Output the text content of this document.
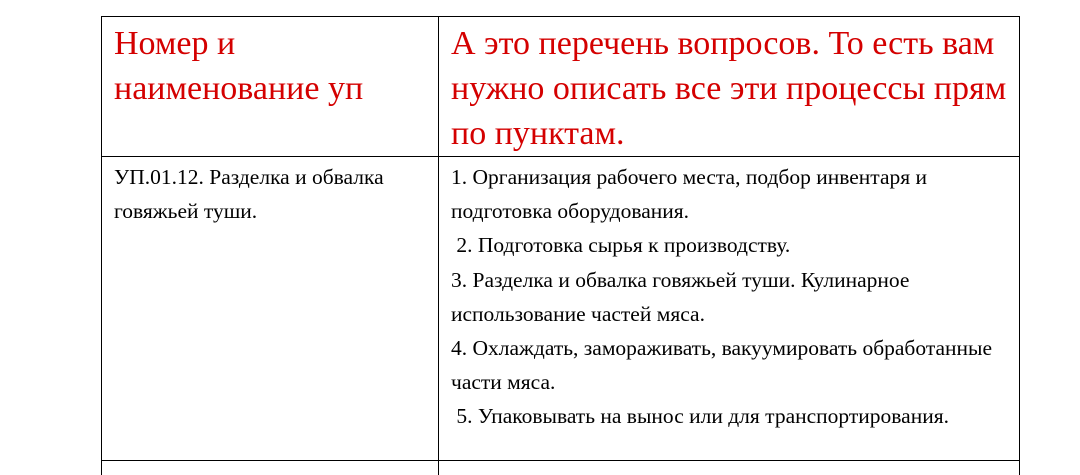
Номер и наименование уп	А это перечень вопросов. То есть вам нужно описать все эти процессы прям по пунктам.

УП.01.12. Разделка и обвалка говяжьей туши.	1. Организация рабочего места, подбор инвентаря и подготовка оборудования.
2. Подготовка сырья к производству.
3. Разделка и обвалка говяжьей туши. Кулинарное использование частей мяса.
4. Охлаждать, замораживать, вакуумировать обработанные части мяса.
5. Упаковывать на вынос или для транспортирования.
